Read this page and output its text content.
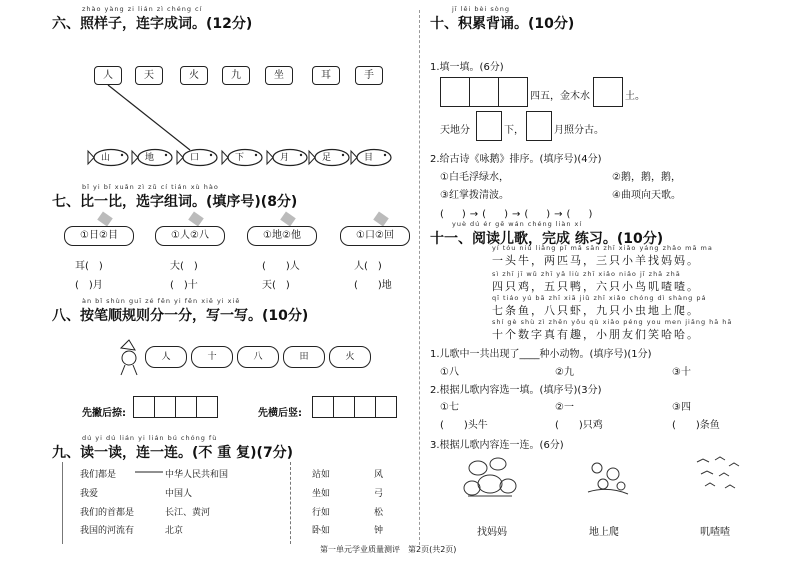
zhào yàng zi lián zì chéng cí
六、照样子，连字成词。(12分)
人	天	火	九	坐	耳	手
山	地	口	下	月	足	目
bǐ yi bǐ xuǎn zì zǔ cí tián xù hào
七、比一比，选字组词。(填序号)(8分)
①日②目	①人②八	①地②他	①口②回
耳(　)	大(　)	(　　)人	人(　)
(　)月	(　)十	天(　)	(　　)地
àn bǐ shùn guī zé fēn yi fēn xiě yi xiě
八、按笔顺规则分一分，写一写。(10分)
人	十	八	田	火
先撇后捺:	先横后竖:
dú yi dú lián yi lián bú chóng fù
九、读一读，连一连。(不 重 复)(7分)
我们都是
我爱
我们的首都是
我国的河流有
中华人民共和国
中国人
长江、黄河
北京
站如
坐如
行如
卧如
风
弓
松
钟
jī lěi bèi sòng
十、积累背诵。(10分)
1.填一填。(6分)
四五，金木水	土。
天地分	下，	月照分古。
2.给古诗《咏鹅》排序。(填序号)(4分)
①白毛浮绿水，	②鹅，鹅，鹅，
③红掌拨清波。	④曲项向天歌。
(　)→(　)→(　)→(　)
yuè dú ér gē wán chéng liàn xí
十一、阅读儿歌，完成 练习。(10分)
yí tóu niú liǎng pǐ mǎ sān zhī xiǎo yáng zhǎo mā ma
一头牛，两匹马，三只小羊找妈妈。
sì zhī jī wǔ zhī yā liù zhī xiǎo niǎo jī zhā zhā
四只鸡，五只鸭，六只小鸟叽喳喳。
qī tiáo yú bā zhī xiā jiǔ zhī xiǎo chóng dì shàng pá
七条鱼，八只虾，九只小虫地上爬。
shí gè shù zì zhēn yǒu qù xiǎo péng you men jiǎng hā hā
十个数字真有趣，小朋友们笑哈哈。
1.儿歌中一共出现了____种小动物。(填序号)(1分)
①八	②九	③十
2.根据儿歌内容选一填。(填序号)(3分)
①七	②一	③四
(　　)头牛	(　　)只鸡	(　　)条鱼
3.根据儿歌内容连一连。(6分)
找妈妈	地上爬	叽喳喳
第一单元学业质量测评　第2页(共2页)
